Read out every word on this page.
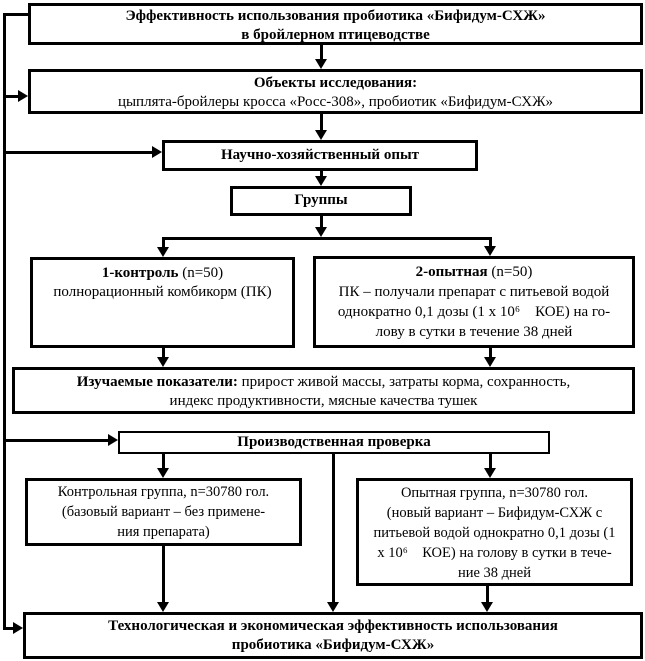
Эффективность использования пробиотика «Бифидум-СХЖ»
в бройлерном птицеводстве
Объекты исследования:
цыплята-бройлеры кросса «Росс-308», пробиотик «Бифидум-СХЖ»
Научно-хозяйственный опыт
Группы
1-контроль (n=50)
полнорационный комбикорм (ПК)
2-опытная (n=50)
ПК – получали препарат с питьевой водой
однократно 0,1 дозы (1 х 10⁶    КОЕ) на го-
лову в сутки в течение 38 дней
Изучаемые показатели: прирост живой массы, затраты корма, сохранность,
индекс продуктивности, мясные качества тушек
Производственная проверка
Контрольная группа, n=30780 гол.
(базовый вариант – без примене-
ния препарата)
Опытная группа, n=30780 гол.
(новый вариант – Бифидум-СХЖ с
питьевой водой однократно 0,1 дозы (1
х 10⁶    КОЕ) на голову в сутки в тече-
ние 38 дней
Технологическая и экономическая эффективность использования
пробиотика «Бифидум-СХЖ»
